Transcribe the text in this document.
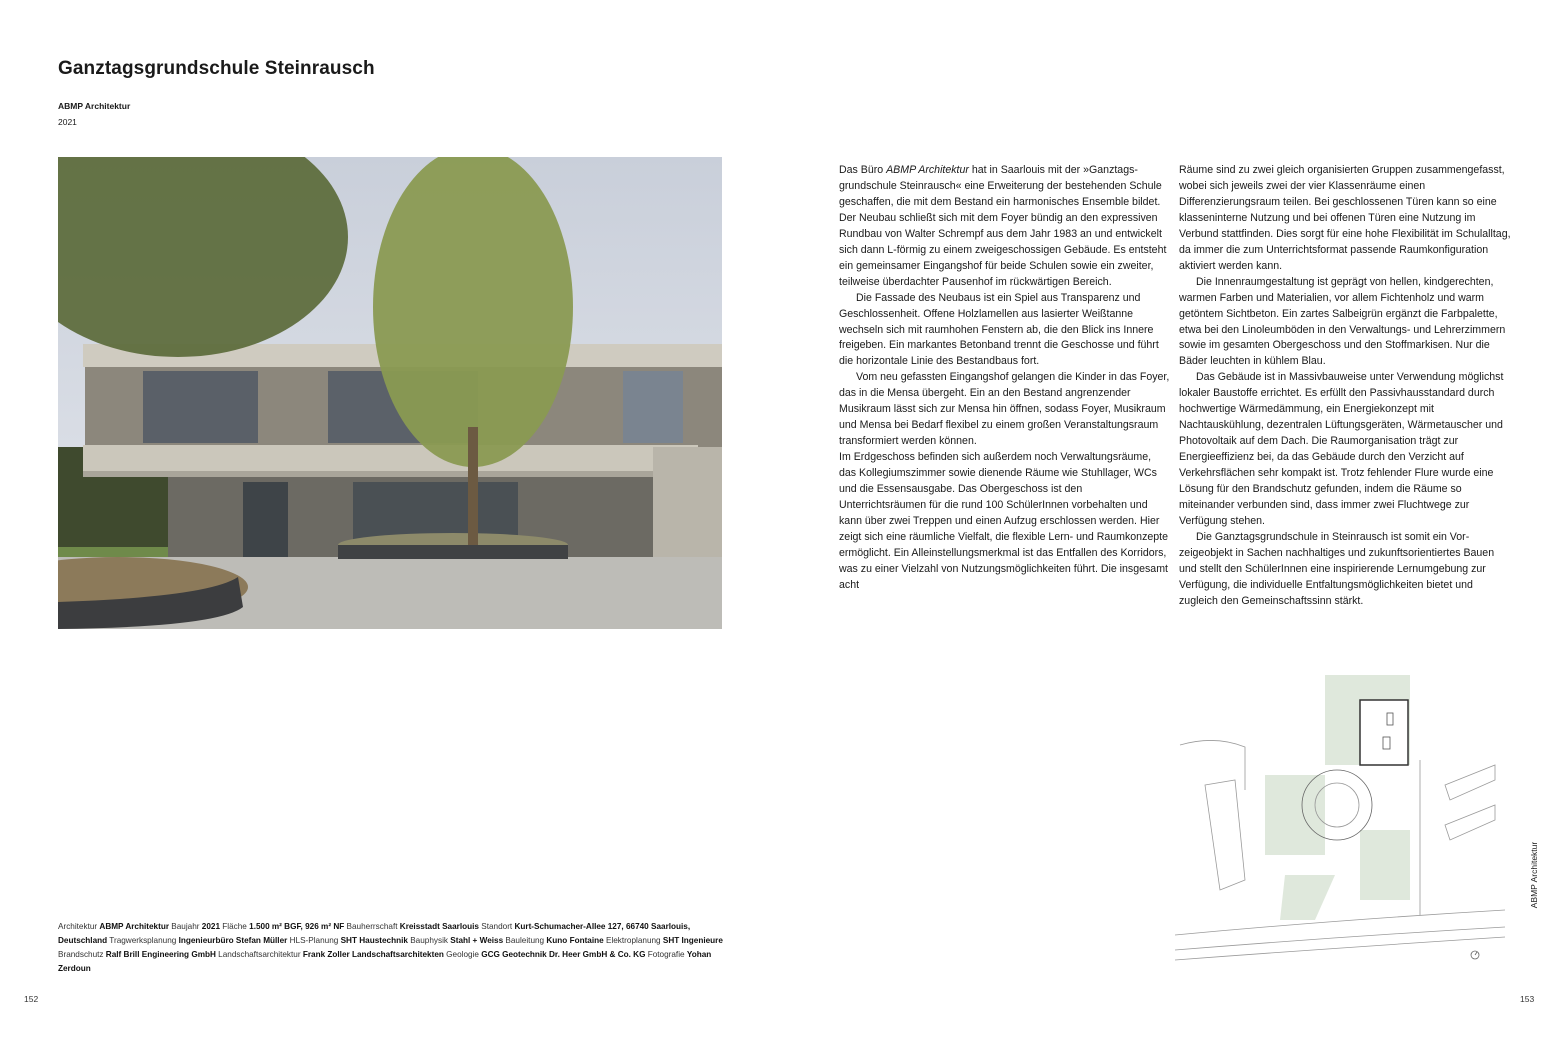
Ganztagsgrundschule Steinrausch
ABMP Architektur
2021

Das Büro ABMP Architektur hat in Saarlouis mit der »Ganztagsgrundschule Steinrausch« eine Erweiterung der bestehenden Schule geschaffen, die mit dem Bestand ein harmonisches Ensemble bildet. Der Neubau schließt sich mit dem Foyer bündig an den expressiven Rundbau von Walter Schrempf aus dem Jahr 1983 an und entwickelt sich dann L-förmig zu einem zweigeschossigen Gebäude. Es entsteht ein gemeinsamer Eingangshof für beide Schulen sowie ein zweiter, teilweise überdachter Pausenhof im rückwärtigen Bereich.

Die Fassade des Neubaus ist ein Spiel aus Transparenz und Geschlossenheit. Offene Holzlamellen aus lasierter Weißtanne wechseln sich mit raumhohen Fenstern ab, die den Blick ins Innere freigeben. Ein markantes Betonband trennt die Geschosse und führt die horizontale Linie des Bestandbaus fort.

Vom neu gefassten Eingangshof gelangen die Kinder in das Foyer, das in die Mensa übergeht. Ein an den Bestand angrenzender Musikraum lässt sich zur Mensa hin öffnen, sodass Foyer, Musikraum und Mensa bei Bedarf flexibel zu einem großen Veranstaltungsraum transformiert werden können.

Im Erdgeschoss befinden sich außerdem noch Verwaltungsräume, das Kollegiumszimmer sowie dienende Räume wie Stuhllager, WCs und die Essensausgabe. Das Obergeschoss ist den Unterrichtsräumen für die rund 100 SchülerInnen vorbehalten und kann über zwei Treppen und einen Aufzug erschlossen werden. Hier zeigt sich eine räumliche Vielfalt, die flexible Lern- und Raumkonzepte ermöglicht. Ein Alleinstellungsmerkmal ist das Entfallen des Korridors, was zu einer Vielzahl von Nutzungsmöglichkeiten führt. Die insgesamt acht

Räume sind zu zwei gleich organisierten Gruppen zusammengefasst, wobei sich jeweils zwei der vier Klassenräume einen Differenzierungsraum teilen. Bei geschlossenen Türen kann so eine klasseninterne Nutzung und bei offenen Türen eine Nutzung im Verbund stattfinden. Dies sorgt für eine hohe Flexibilität im Schulalltag, da immer die zum Unterrichtsformat passende Raumkonfiguration aktiviert werden kann.

Die Innenraumgestaltung ist geprägt von hellen, kindgerechten, warmen Farben und Materialien, vor allem Fichtenholz und warm getöntem Sichtbeton. Ein zartes Salbeigrün ergänzt die Farbpalette, etwa bei den Linoleumböden in den Verwaltungs- und Lehrerzimmern sowie im gesamten Obergeschoss und den Stoffmarkisen. Nur die Bäder leuchten in kühlem Blau.

Das Gebäude ist in Massivbauweise unter Verwendung möglichst lokaler Baustoffe errichtet. Es erfüllt den Passivhausstandard durch hochwertige Wärmedämmung, ein Energiekonzept mit Nachtauskühlung, dezentralen Lüftungsgeräten, Wärmetauscher und Photovoltaik auf dem Dach. Die Raumorganisation trägt zur Energieeffizienz bei, da das Gebäude durch den Verzicht auf Verkehrsflächen sehr kompakt ist. Trotz fehlender Flure wurde eine Lösung für den Brandschutz gefunden, indem die Räume so miteinander verbunden sind, dass immer zwei Fluchtwege zur Verfügung stehen.

Die Ganztagsgrundschule in Steinrausch ist somit ein Vorzeigeobjekt in Sachen nachhaltiges und zukunftsorientiertes Bauen und stellt den SchülerInnen eine inspirierende Lernumgebung zur Verfügung, die individuelle Entfaltungsmöglichkeiten bietet und zugleich den Gemeinschaftssinn stärkt.

Architektur ABMP Architektur Baujahr 2021 Fläche 1.500 m² BGF, 926 m² NF Bauherrschaft Kreisstadt Saarlouis Standort Kurt-Schumacher-Allee 127, 66740 Saarlouis, Deutschland Tragwerksplanung Ingenieurbüro Stefan Müller HLS-Planung SHT Haustechnik Bauphysik Stahl + Weiss Bauleitung Kuno Fontaine Elektroplanung SHT Ingenieure Brandschutz Ralf Brill Engineering GmbH Landschaftsarchitektur Frank Zoller Landschaftsarchitekten Geologie GCG Geotechnik Dr. Heer GmbH & Co. KG Fotografie Yohan Zerdoun
152	153
ABMP Architektur
